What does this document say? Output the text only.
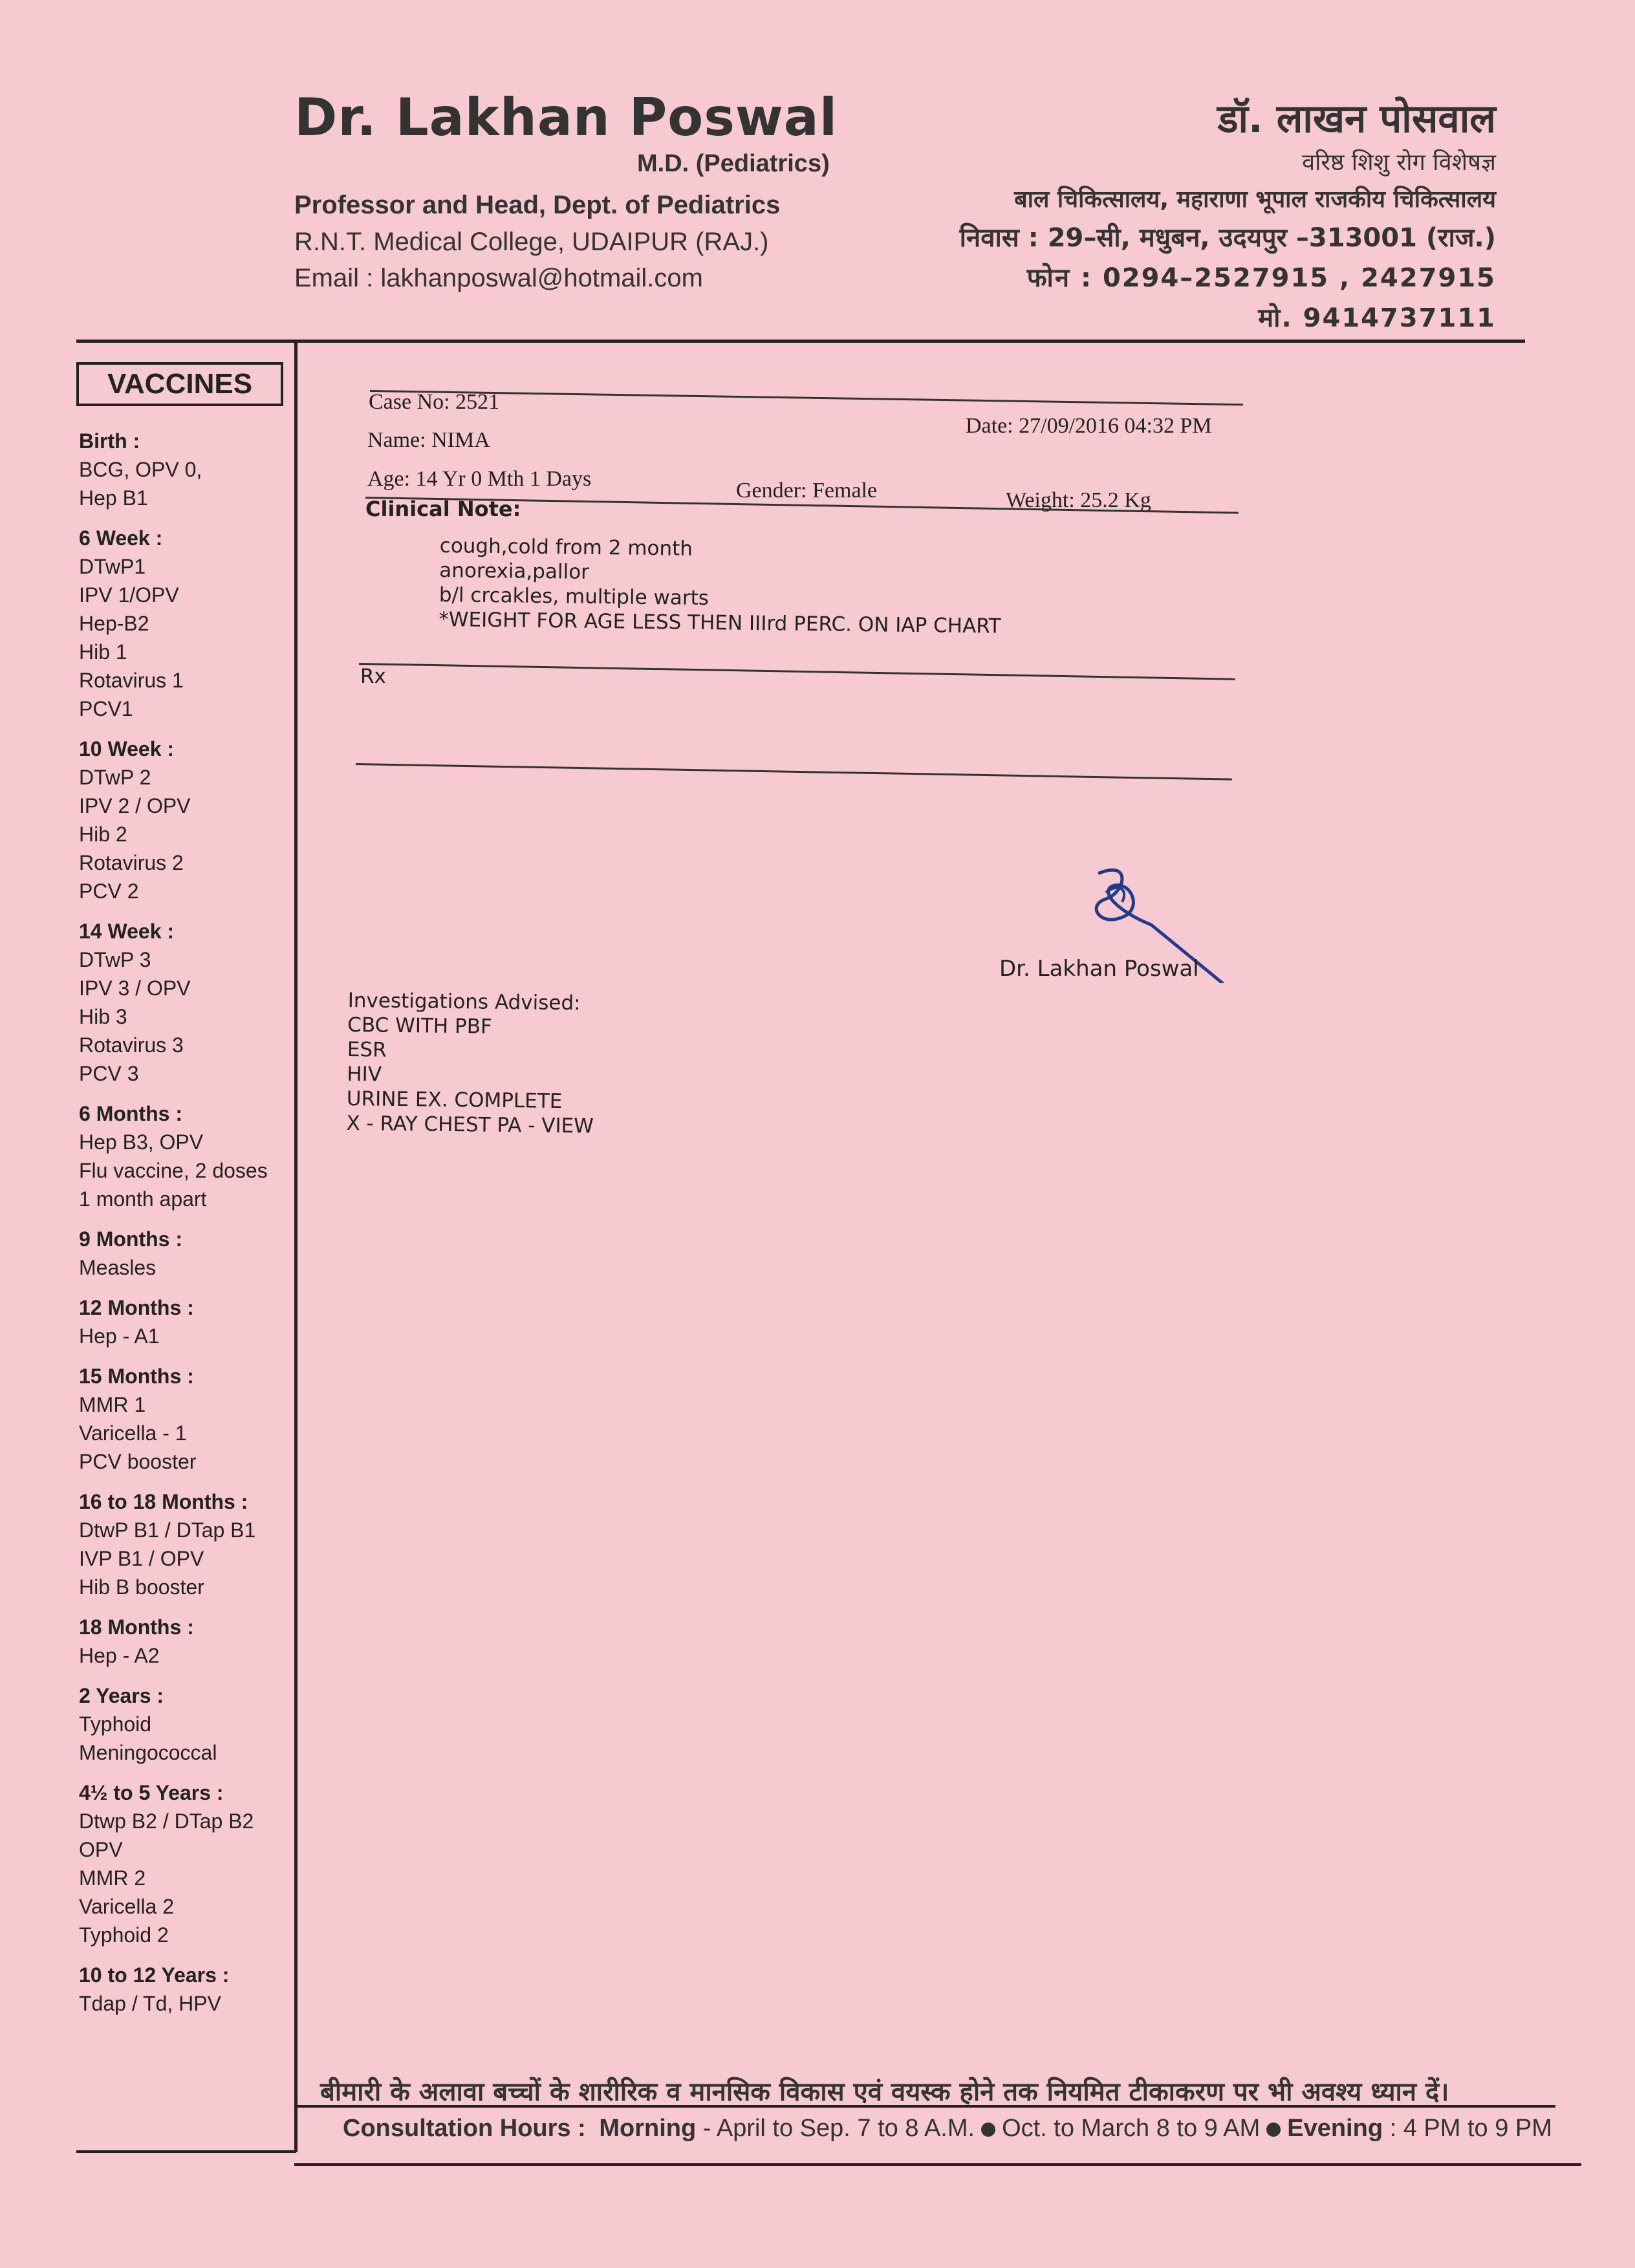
Dr. Lakhan Poswal
M.D. (Pediatrics)
Professor and Head, Dept. of Pediatrics
R.N.T. Medical College, UDAIPUR (RAJ.)
Email : lakhanposwal@hotmail.com
डॉ. लाखन पोसवाल
वरिष्ठ शिशु रोग विशेषज्ञ
बाल चिकित्सालय, महाराणा भूपाल राजकीय चिकित्सालय
निवास : 29–सी, मधुबन, उदयपुर –313001 (राज.)
फोन : 0294–2527915 , 2427915
मो. 9414737111
VACCINES
Birth :
BCG, OPV 0,
Hep B1
6 Week :
DTwP1
IPV 1/OPV
Hep-B2
Hib 1
Rotavirus 1
PCV1
10 Week :
DTwP 2
IPV 2 / OPV
Hib 2
Rotavirus 2
PCV 2
14 Week :
DTwP 3
IPV 3 / OPV
Hib 3
Rotavirus 3
PCV 3
6 Months :
Hep B3, OPV
Flu vaccine, 2 doses
1 month apart
9 Months :
Measles
12 Months :
Hep - A1
15 Months :
MMR 1
Varicella - 1
PCV booster
16 to 18 Months :
DtwP B1 / DTap B1
IVP B1 / OPV
Hib B booster
18 Months :
Hep - A2
2 Years :
Typhoid
Meningococcal
4½ to 5 Years :
Dtwp B2 / DTap B2
OPV
MMR 2
Varicella 2
Typhoid 2
10 to 12 Years :
Tdap / Td, HPV
Case No: 2521
Date: 27/09/2016 04:32 PM
Name: NIMA
Age: 14 Yr 0 Mth 1 Days	Gender: Female	Weight: 25.2 Kg
Clinical Note:
cough,cold from 2 month
anorexia,pallor
b/l crcakles, multiple warts
*WEIGHT FOR AGE LESS THEN IIIrd PERC. ON IAP CHART
Rx
Dr. Lakhan Poswal
Investigations Advised:
CBC WITH PBF
ESR
HIV
URINE EX. COMPLETE
X - RAY CHEST PA - VIEW
बीमारी के अलावा बच्चों के शारीरिक व मानसिक विकास एवं वयस्क होने तक नियमित टीकाकरण पर भी अवश्य ध्यान दें।
Consultation Hours : Morning - April to Sep. 7 to 8 A.M. Oct. to March 8 to 9 AM Evening : 4 PM to 9 PM
